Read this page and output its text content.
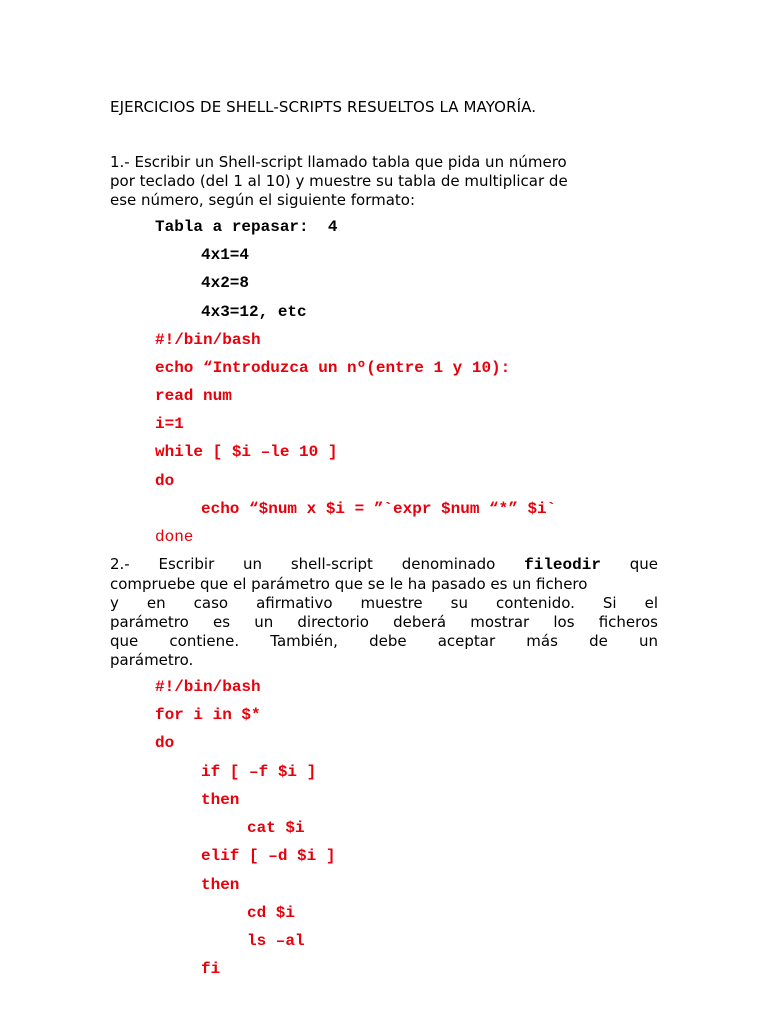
EJERCICIOS DE SHELL-SCRIPTS RESUELTOS LA MAYORÍA.
1.- Escribir un Shell-script llamado tabla que pida un número
por teclado (del 1 al 10) y muestre su tabla de multiplicar de
ese número, según el siguiente formato:
Tabla a repasar:  4
4x1=4
4x2=8
4x3=12, etc
#!/bin/bash
echo “Introduzca un nº(entre 1 y 10):
read num
i=1
while [ $i –le 10 ]
do
echo “$num x $i = ”`expr $num “*” $i`
done
2.- Escribir un shell-script denominado fileodir que
compruebe que el parámetro que se le ha pasado es un fichero
y en caso afirmativo muestre su contenido. Si el
parámetro es un directorio deberá mostrar los ficheros
que contiene. También, debe aceptar más de un
parámetro.
#!/bin/bash
for i in $*
do
if [ –f $i ]
then
cat $i
elif [ –d $i ]
then
cd $i
ls –al
fi
